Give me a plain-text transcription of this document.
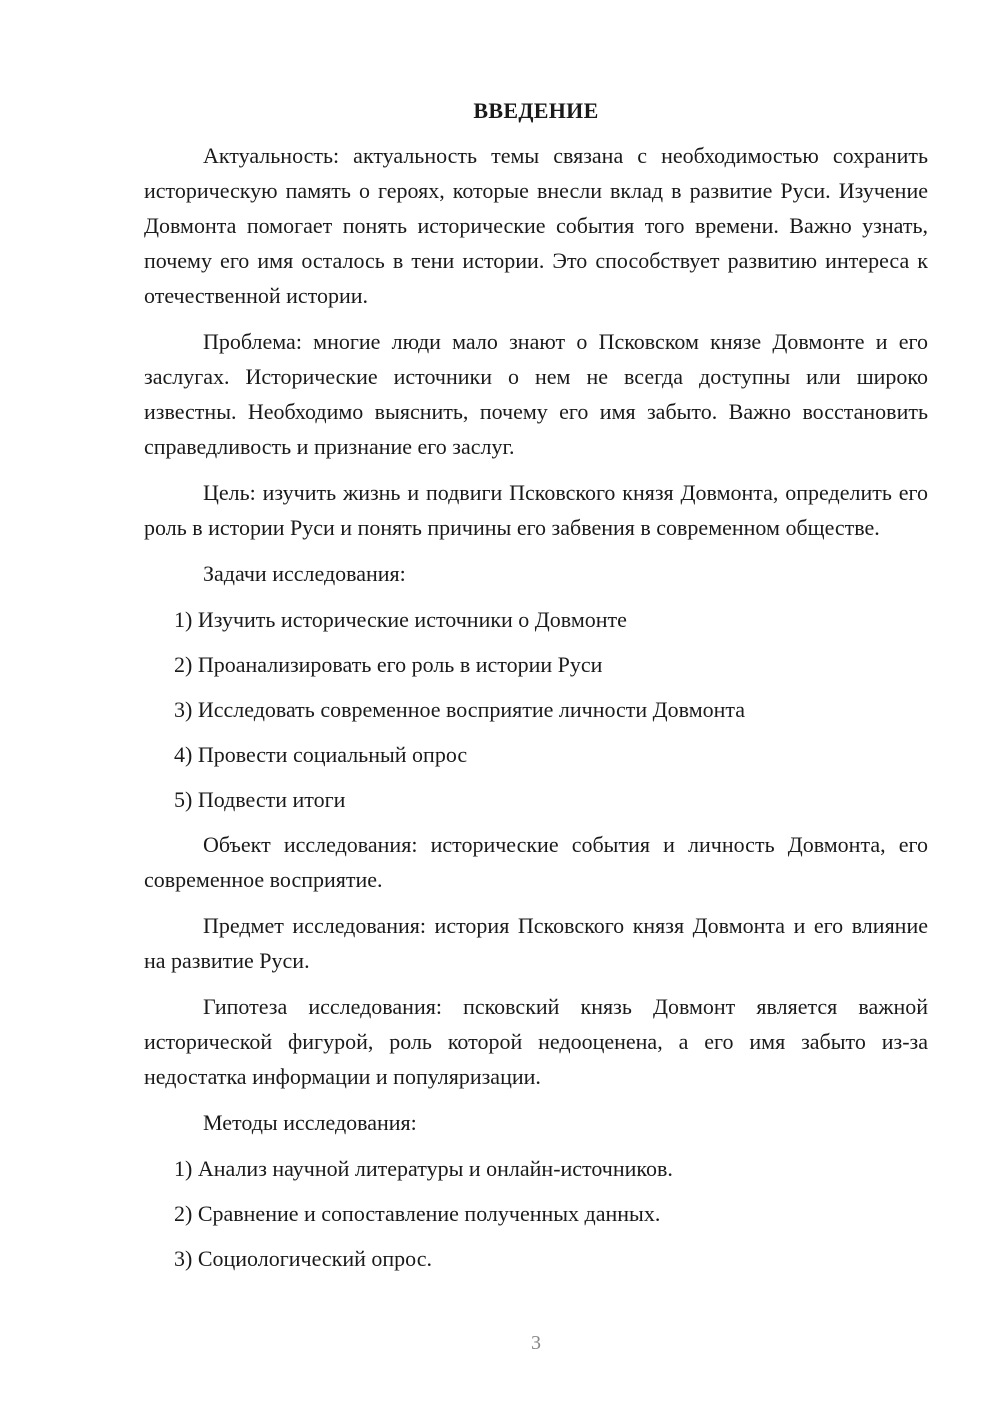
ВВЕДЕНИЕ

Актуальность: актуальность темы связана с необходимостью сохранить историческую память о героях, которые внесли вклад в развитие Руси. Изучение Довмонта помогает понять исторические события того времени. Важно узнать, почему его имя осталось в тени истории. Это способствует развитию интереса к отечественной истории.

Проблема: многие люди мало знают о Псковском князе Довмонте и его заслугах. Исторические источники о нем не всегда доступны или широко известны. Необходимо выяснить, почему его имя забыто. Важно восстановить справедливость и признание его заслуг.

Цель: изучить жизнь и подвиги Псковского князя Довмонта, определить его роль в истории Руси и понять причины его забвения в современном обществе.

Задачи исследования:

1) Изучить исторические источники о Довмонте

2) Проанализировать его роль в истории Руси

3) Исследовать современное восприятие личности Довмонта

4) Провести социальный опрос

5) Подвести итоги

Объект исследования: исторические события и личность Довмонта, его современное восприятие.

Предмет исследования: история Псковского князя Довмонта и его влияние на развитие Руси.

Гипотеза исследования: псковский князь Довмонт является важной исторической фигурой, роль которой недооценена, а его имя забыто из-за недостатка информации и популяризации.

Методы исследования:

1) Анализ научной литературы и онлайн-источников.

2) Сравнение и сопоставление полученных данных.

3) Социологический опрос.

3
